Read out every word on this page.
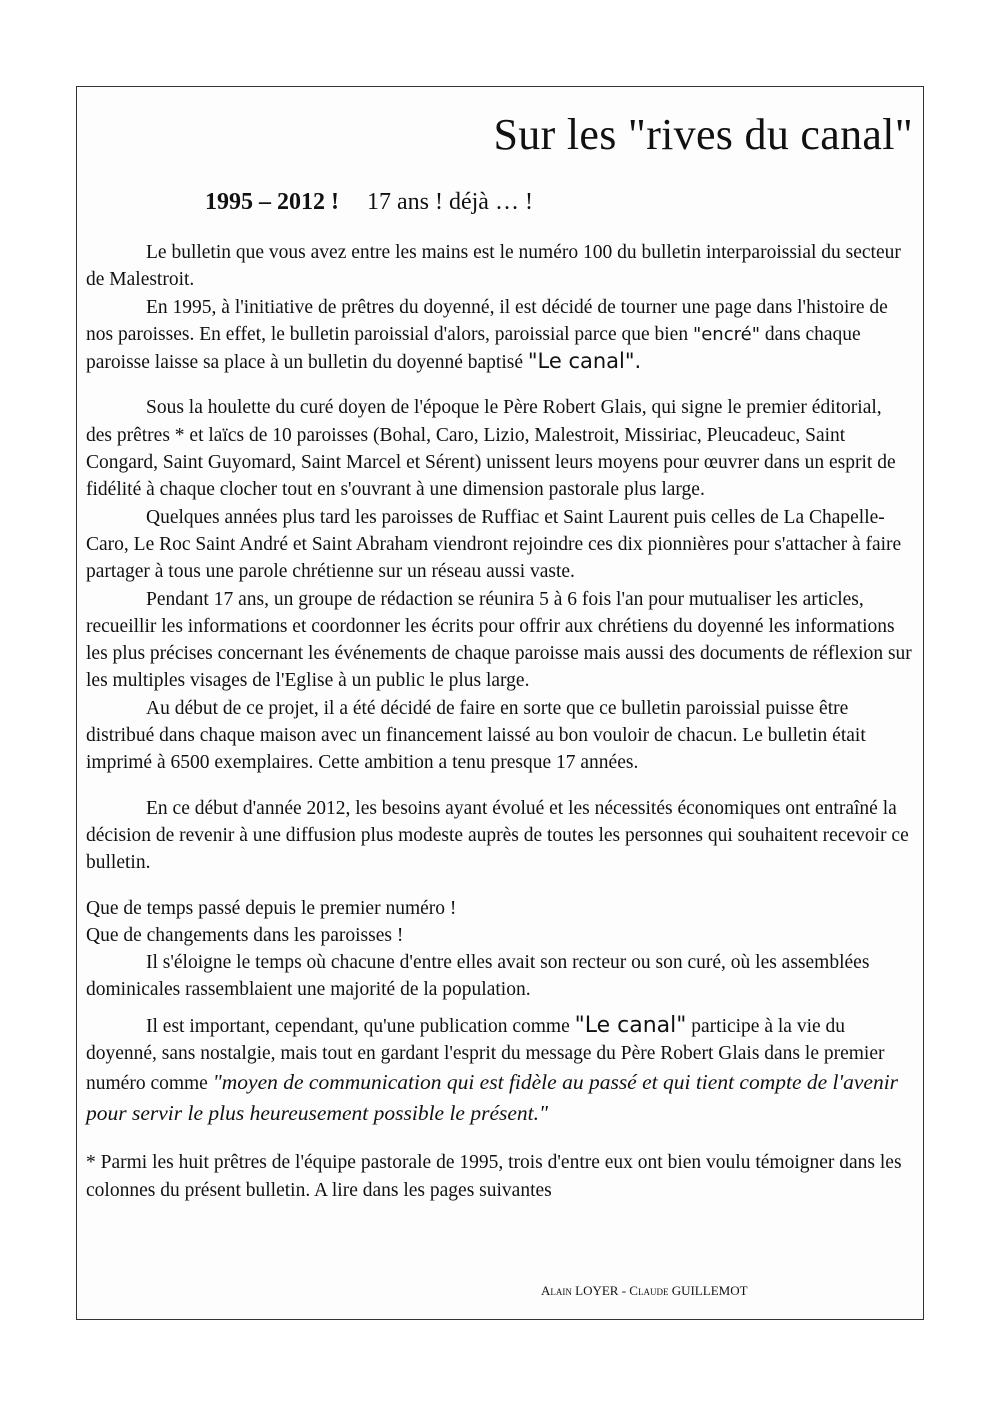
Sur les "rives du canal"
1995 – 2012 ! 17 ans ! déjà … !

Le bulletin que vous avez entre les mains est le numéro 100 du bulletin interparoissial du secteur de Malestroit.

En 1995, à l'initiative de prêtres du doyenné, il est décidé de tourner une page dans l'histoire de nos paroisses. En effet, le bulletin paroissial d'alors, paroissial parce que bien "encré" dans chaque paroisse laisse sa place à un bulletin du doyenné baptisé "Le canal".

Sous la houlette du curé doyen de l'époque le Père Robert Glais, qui signe le premier éditorial, des prêtres * et laïcs de 10 paroisses (Bohal, Caro, Lizio, Malestroit, Missiriac, Pleucadeuc, Saint Congard, Saint Guyomard, Saint Marcel et Sérent) unissent leurs moyens pour œuvrer dans un esprit de fidélité à chaque clocher tout en s'ouvrant à une dimension pastorale plus large.

Quelques années plus tard les paroisses de Ruffiac et Saint Laurent puis celles de La Chapelle-Caro, Le Roc Saint André et Saint Abraham viendront rejoindre ces dix pionnières pour s'attacher à faire partager à tous une parole chrétienne sur un réseau aussi vaste.

Pendant 17 ans, un groupe de rédaction se réunira 5 à 6 fois l'an pour mutualiser les articles, recueillir les informations et coordonner les écrits pour offrir aux chrétiens du doyenné les informations les plus précises concernant les événements de chaque paroisse mais aussi des documents de réflexion sur les multiples visages de l'Eglise à un public le plus large.

Au début de ce projet, il a été décidé de faire en sorte que ce bulletin paroissial puisse être distribué dans chaque maison avec un financement laissé au bon vouloir de chacun. Le bulletin était imprimé à 6500 exemplaires. Cette ambition a tenu presque 17 années.

En ce début d'année 2012, les besoins ayant évolué et les nécessités économiques ont entraîné la décision de revenir à une diffusion plus modeste auprès de toutes les personnes qui souhaitent recevoir ce bulletin.

Que de temps passé depuis le premier numéro !

Que de changements dans les paroisses !

Il s'éloigne le temps où chacune d'entre elles avait son recteur ou son curé, où les assemblées dominicales rassemblaient une majorité de la population.

Il est important, cependant, qu'une publication comme "Le canal" participe à la vie du doyenné, sans nostalgie, mais tout en gardant l'esprit du message du Père Robert Glais dans le premier numéro comme "moyen de communication qui est fidèle au passé et qui tient compte de l'avenir pour servir le plus heureusement possible le présent."

* Parmi les huit prêtres de l'équipe pastorale de 1995, trois d'entre eux ont bien voulu témoigner dans les colonnes du présent bulletin. A lire dans les pages suivantes

Alain LOYER - Claude GUILLEMOT
